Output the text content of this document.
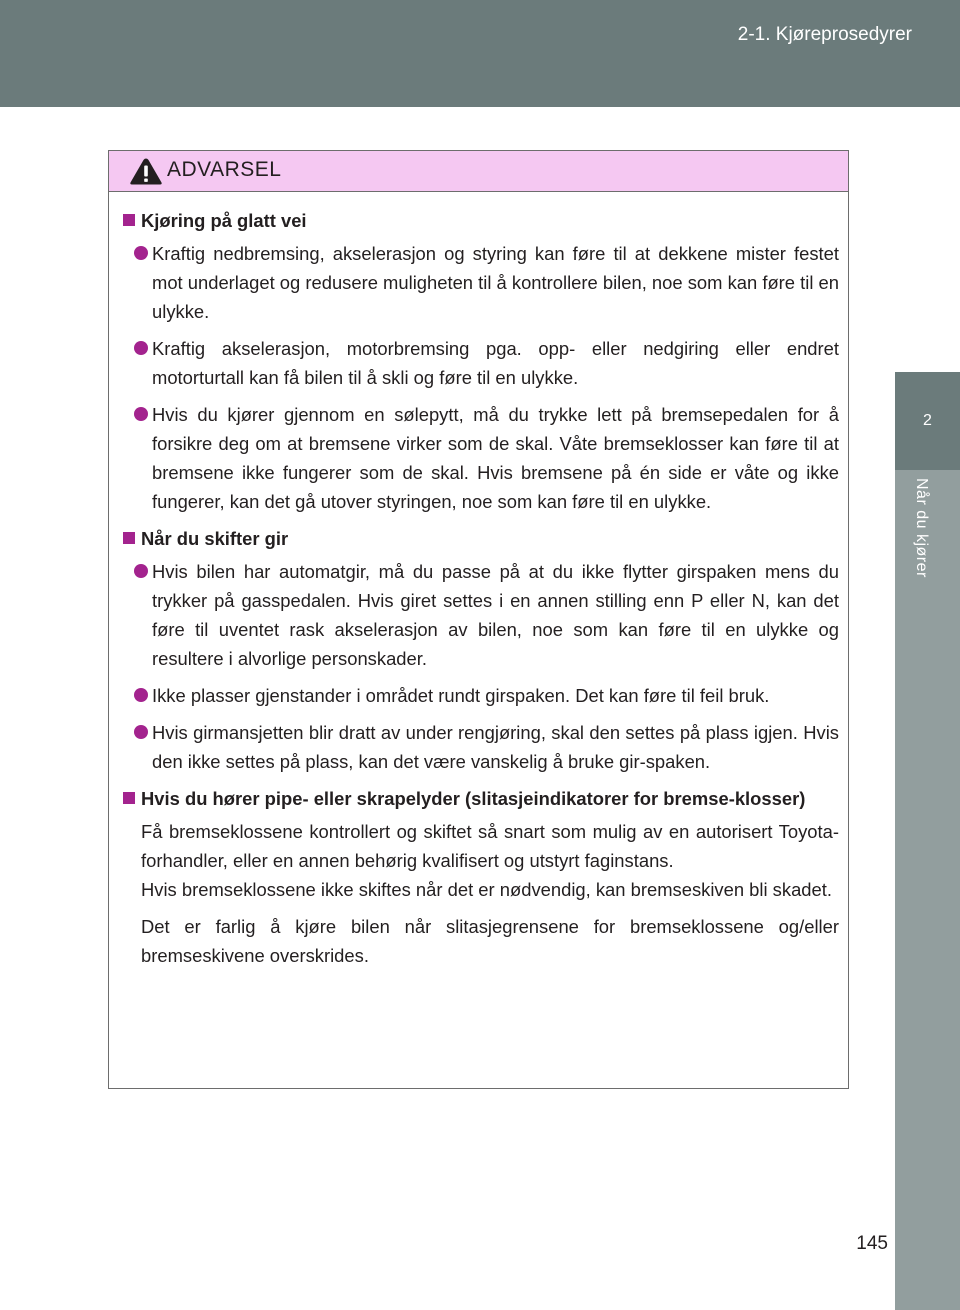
2-1. Kjøreprosedyrer
2
Når du kjører
ADVARSEL
Kjøring på glatt vei
Kraftig nedbremsing, akselerasjon og styring kan føre til at dekkene mister festet mot underlaget og redusere muligheten til å kontrollere bilen, noe som kan føre til en ulykke.
Kraftig akselerasjon, motorbremsing pga. opp- eller nedgiring eller endret motorturtall kan få bilen til å skli og føre til en ulykke.
Hvis du kjører gjennom en sølepytt, må du trykke lett på bremsepedalen for å forsikre deg om at bremsene virker som de skal. Våte bremseklosser kan føre til at bremsene ikke fungerer som de skal. Hvis bremsene på én side er våte og ikke fungerer, kan det gå utover styringen, noe som kan føre til en ulykke.
Når du skifter gir
Hvis bilen har automatgir, må du passe på at du ikke flytter girspaken mens du trykker på gasspedalen. Hvis giret settes i en annen stilling enn P eller N, kan det føre til uventet rask akselerasjon av bilen, noe som kan føre til en ulykke og resultere i alvorlige personskader.
Ikke plasser gjenstander i området rundt girspaken. Det kan føre til feil bruk.
Hvis girmansjetten blir dratt av under rengjøring, skal den settes på plass igjen. Hvis den ikke settes på plass, kan det være vanskelig å bruke gir-spaken.
Hvis du hører pipe- eller skrapelyder (slitasjeindikatorer for bremse-klosser)
Få bremseklossene kontrollert og skiftet så snart som mulig av en autorisert Toyota-forhandler, eller en annen behørig kvalifisert og utstyrt faginstans.
Hvis bremseklossene ikke skiftes når det er nødvendig, kan bremseskiven bli skadet.
Det er farlig å kjøre bilen når slitasjegrensene for bremseklossene og/eller bremseskivene overskrides.
145
